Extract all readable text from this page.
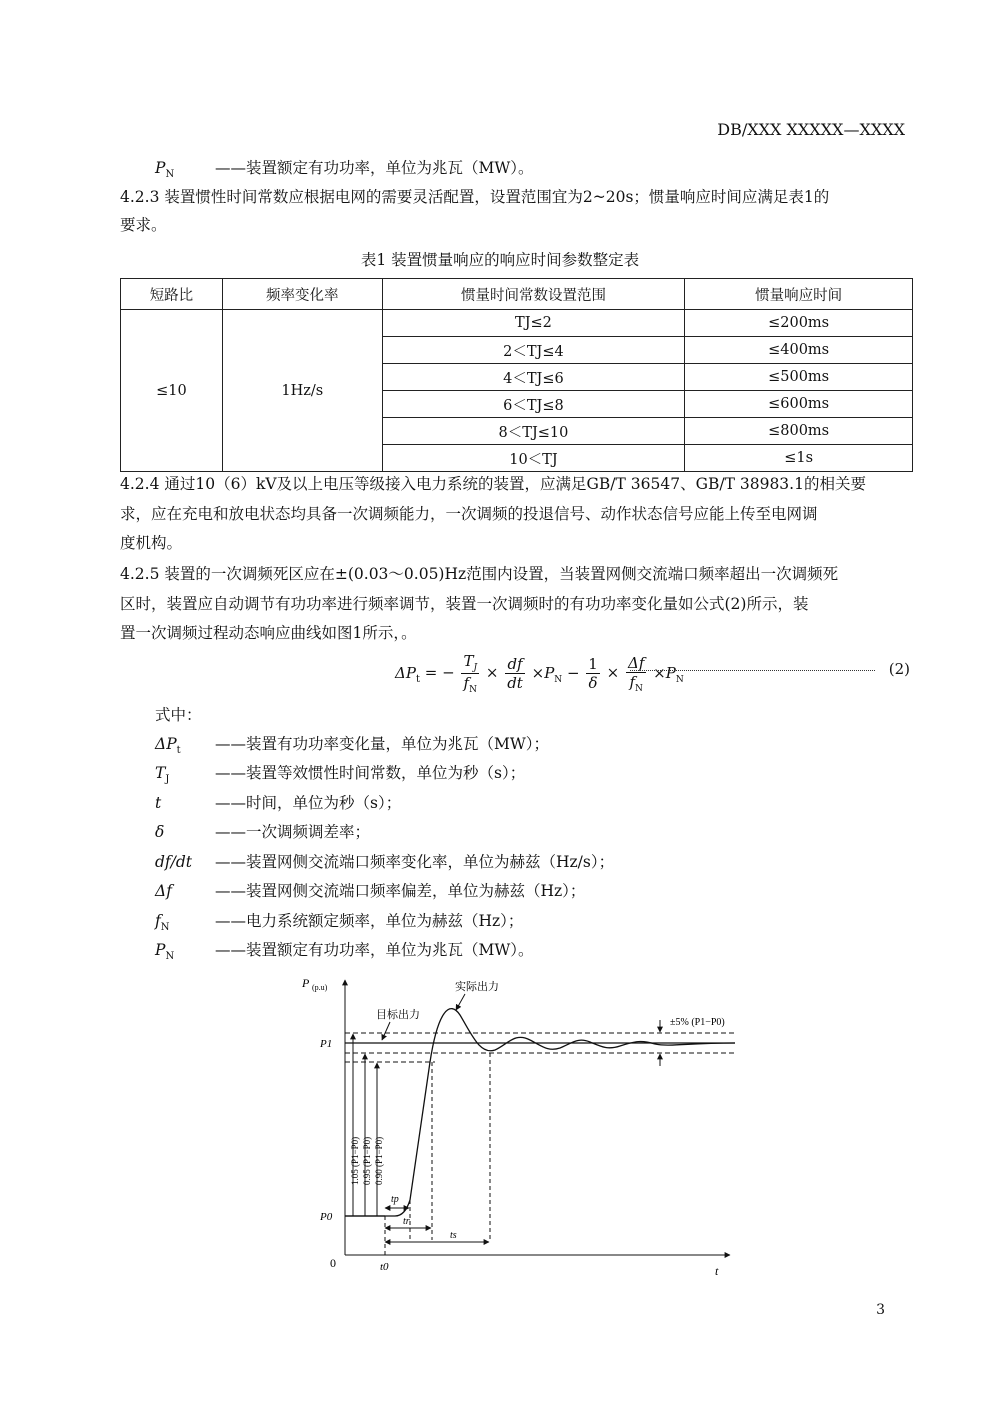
DB/XXX XXXXX—XXXX
$P_N$	——装置额定有功功率，单位为兆瓦（MW）。
4.2.3 装置惯性时间常数应根据电网的需要灵活配置，设置范围宜为2~20s；惯量响应时间应满足表1的
要求。
表1 装置惯量响应的响应时间参数整定表
短路比	频率变化率	惯量时间常数设置范围	惯量响应时间
≤10	1Hz/s	TJ≤2	≤200ms
		2＜TJ≤4	≤400ms
		4＜TJ≤6	≤500ms
		6＜TJ≤8	≤600ms
		8＜TJ≤10	≤800ms
		10＜TJ	≤1s
4.2.4 通过10（6）kV及以上电压等级接入电力系统的装置，应满足GB/T 36547、GB/T 38983.1的相关要
求，应在充电和放电状态均具备一次调频能力，一次调频的投退信号、动作状态信号应能上传至电网调
度机构。
4.2.5 装置的一次调频死区应在±(0.03～0.05)Hz范围内设置，当装置网侧交流端口频率超出一次调频死
区时，装置应自动调节有功功率进行频率调节，装置一次调频时的有功功率变化量如公式(2)所示，装
置一次调频过程动态响应曲线如图1所示，。
$\Delta P_t$ = − $\frac{T_J}{f_N} \times \frac{df}{dt} \times P_N - \frac{1}{\delta} \times \frac{\Delta f}{f_N} \times P_N$
(2)
式中：
$\Delta P_t$ ——装置有功功率变化量，单位为兆瓦（MW）；
$T_J$	——装置等效惯性时间常数，单位为秒（s）；
t	——时间，单位为秒（s）；
δ	——一次调频调差率；
df/dt ——装置网侧交流端口频率变化率，单位为赫兹（Hz/s）；
Δf	——装置网侧交流端口频率偏差，单位为赫兹（Hz）；
$f_N$	——电力系统额定频率，单位为赫兹（Hz）；
$P_N$	——装置额定有功功率，单位为兆瓦（MW）。
P (p.u)
t
0
P1
P0
1.05 (P1−P0) 0.95 (P1−P0) 0.90 (P1−P0)
目标出力
实际出力
tp
tr
ts
t0
±5% (P1−P0)
3
